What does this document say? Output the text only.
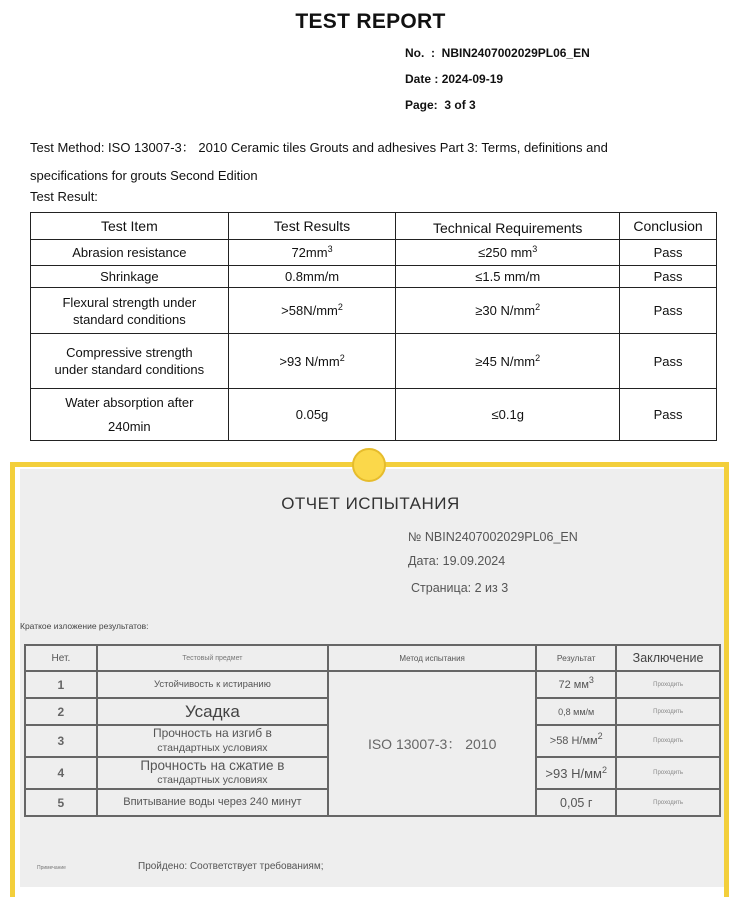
TEST REPORT
No.  : NBIN2407002029PL06_EN
Date : 2024-09-19
Page: 3 of 3
Test Method: ISO 13007-3： 2010 Ceramic tiles Grouts and adhesives Part 3: Terms, definitions and
specifications for grouts Second Edition
Test Result:
Test Item	Test Results	Technical Requirements	Conclusion
Abrasion resistance	$72mm^3$	≤250 $mm^3$	Pass
Shrinkage	0.8mm/m	≤1.5 mm/m	Pass

Flexural strength under
standard conditions	$>58N/mm^2$	≥30 $N/mm^2$	Pass

Compressive strength
under standard conditions	>93 $N/mm^2$	≥45 $N/mm^2$	Pass

Water absorption after
240min	0.05g	≤0.1g	Pass
ОТЧЕТ ИСПЫТАНИЯ
№ NBIN2407002029PL06_EN
Дата: 19.09.2024
Страница: 2 из 3
Краткое изложение результатов:
Нет.	Тестовый предмет	Метод испытания	Результат	Заключение
1	Устойчивость к истиранию	ISO 13007-3： 2010	72 $мм^3$	Проходить
2	Усадка		0,8 мм/м	Проходить
3	Прочность на изгиб в
стандартных условиях		>58 $Н/мм^2$	Проходить
4	Прочность на сжатие в
стандартных условиях		>93 $Н/мм^2$	Проходить
5	Впитывание воды через 240 минут		0,05 г	Проходить
Примечание	Пройдено: Соответствует требованиям;
